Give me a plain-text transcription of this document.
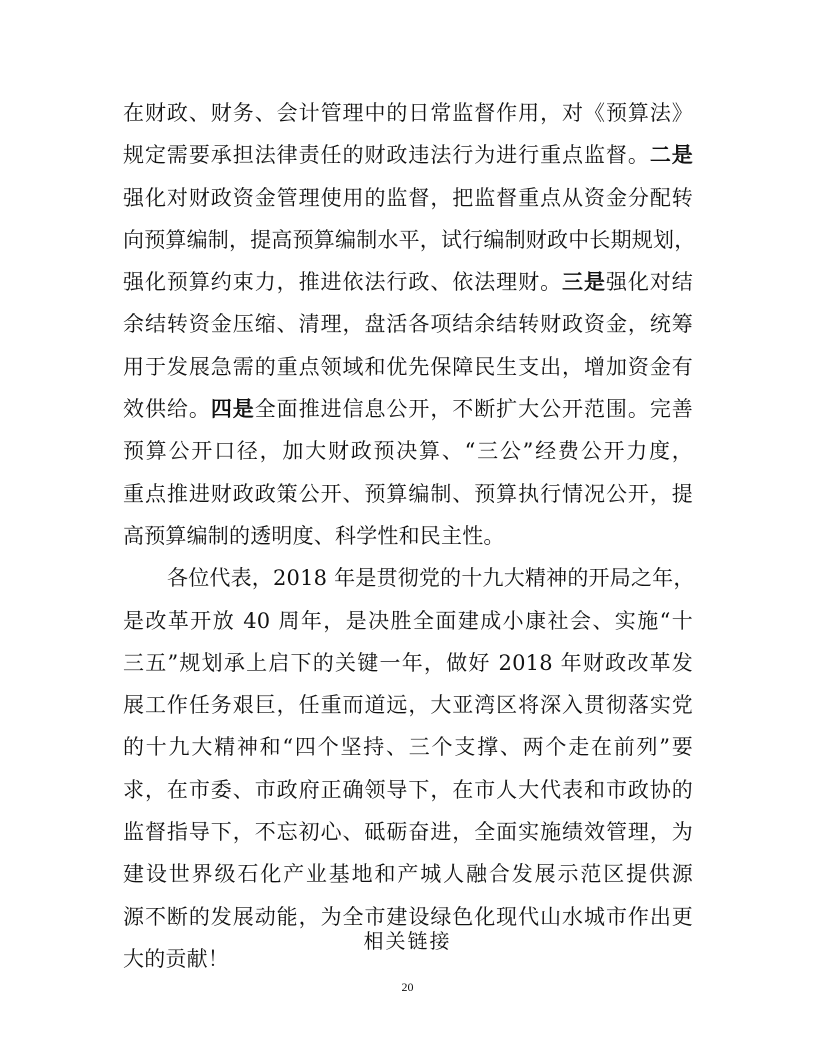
在财政、财务、会计管理中的日常监督作用，对《预算法》
规定需要承担法律责任的财政违法行为进行重点监督。二是
强化对财政资金管理使用的监督，把监督重点从资金分配转
向预算编制，提高预算编制水平，试行编制财政中长期规划，
强化预算约束力，推进依法行政、依法理财。三是强化对结
余结转资金压缩、清理，盘活各项结余结转财政资金，统筹
用于发展急需的重点领域和优先保障民生支出，增加资金有
效供给。四是全面推进信息公开，不断扩大公开范围。完善
预算公开口径，加大财政预决算、“三公”经费公开力度，
重点推进财政政策公开、预算编制、预算执行情况公开，提
高预算编制的透明度、科学性和民主性。
各位代表，2018 年是贯彻党的十九大精神的开局之年，
是改革开放 40 周年，是决胜全面建成小康社会、实施“十
三五”规划承上启下的关键一年，做好 2018 年财政改革发
展工作任务艰巨，任重而道远，大亚湾区将深入贯彻落实党
的十九大精神和“四个坚持、三个支撑、两个走在前列”要
求，在市委、市政府正确领导下，在市人大代表和市政协的
监督指导下，不忘初心、砥砺奋进，全面实施绩效管理，为
建设世界级石化产业基地和产城人融合发展示范区提供源
源不断的发展动能，为全市建设绿色化现代山水城市作出更
大的贡献！
相关链接
20
